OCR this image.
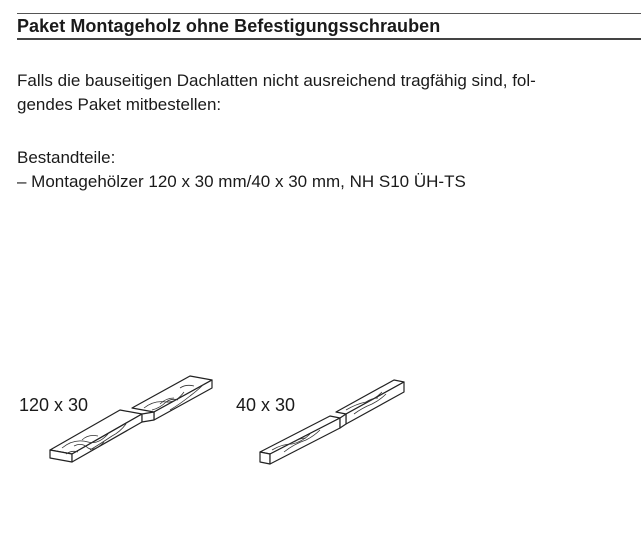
Paket Montageholz ohne Befestigungsschrauben
Falls die bauseitigen Dachlatten nicht ausreichend tragfähig sind, fol-
gendes Paket mitbestellen:
Bestandteile:
– Montagehölzer 120 x 30 mm/40 x 30 mm, NH S10 ÜH-TS
120 x 30	40 x 30
